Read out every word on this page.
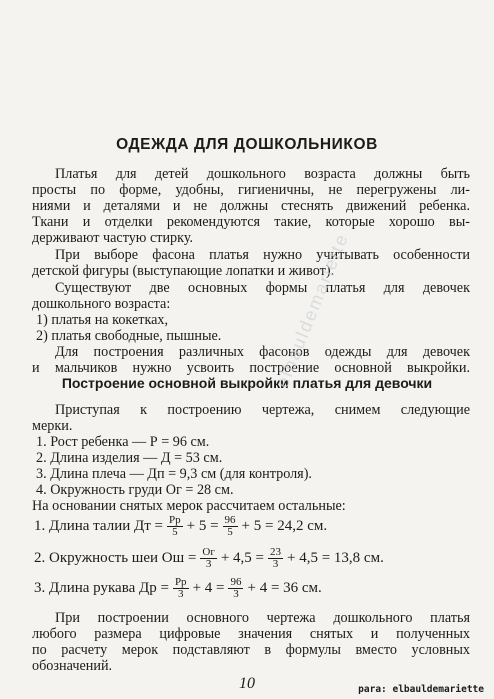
ОДЕЖДА ДЛЯ ДОШКОЛЬНИКОВ
Платья для детей дошкольного возраста должны быть
просты по форме, удобны, гигиеничны, не перегружены ли-
ниями и деталями и не должны стеснять движений ребенка.
Ткани и отделки рекомендуются такие, которые хорошо вы-
держивают частую стирку.
При выборе фасона платья нужно учитывать особенности
детской фигуры (выступающие лопатки и живот).
Существуют две основных формы платья для девочек
дошкольного возраста:
1) платья на кокетках,
2) платья свободные, пышные.
Для построения различных фасонов одежды для девочек
и мальчиков нужно усвоить построение основной выкройки.
Построение основной выкройки платья для девочки
Приступая к построению чертежа, снимем следующие
мерки.
1. Рост ребенка — Р = 96 см.
2. Длина изделия — Д = 53 см.
3. Длина плеча — Дп = 9,3 см (для контроля).
4. Окружность груди Ог = 28 см.
На основании снятых мерок рассчитаем остальные:
1. Длина талии Дт = $\frac{Рр}{5} + 5 = \frac{96}{5} + 5 = 24,2$ см.
2. Окружность шеи Ош = $\frac{Ог}{3} + 4,5 = \frac{23}{3} + 4,5 = 13,8$ см.
3. Длина рукава Др = $\frac{Рр}{3} + 4 = \frac{96}{3} + 4 = 36$ см.
При построении основного чертежа дошкольного платья
любого размера цифровые значения снятых и полученных
по расчету мерок подставляют в формулы вместо условных
обозначений.
10	para: elbauldemariette
elbauldemariette
